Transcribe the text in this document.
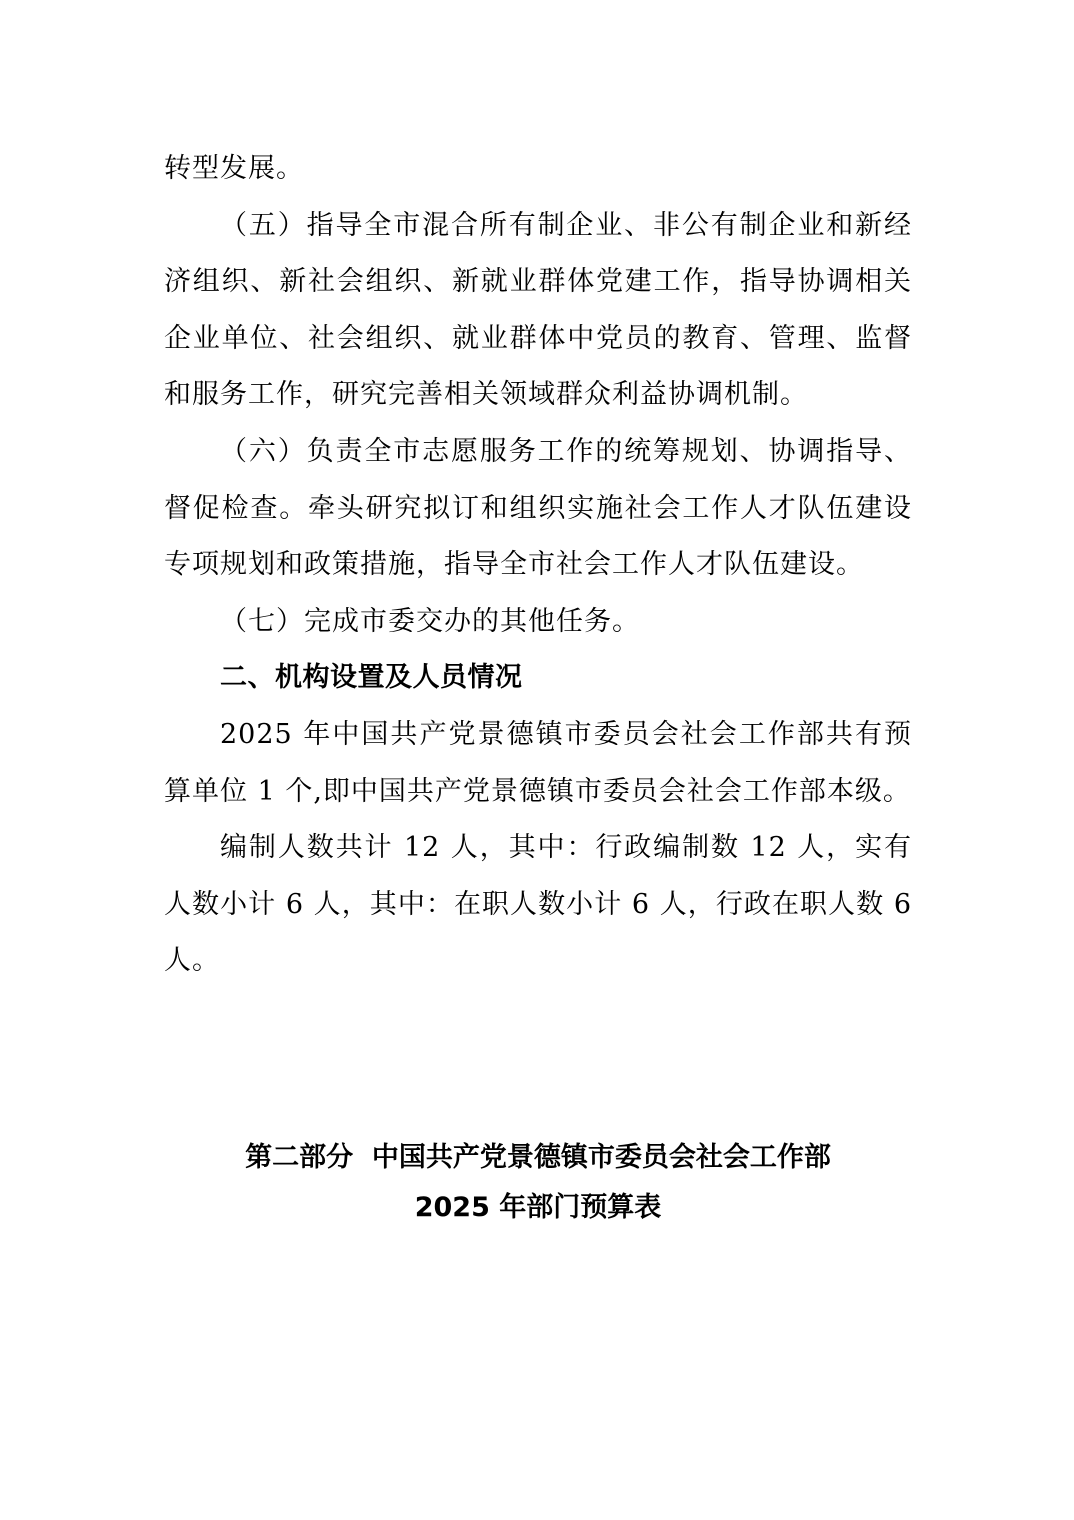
转型发展。

（五）指导全市混合所有制企业、非公有制企业和新经济组织、新社会组织、新就业群体党建工作，指导协调相关企业单位、社会组织、就业群体中党员的教育、管理、监督和服务工作，研究完善相关领域群众利益协调机制。

（六）负责全市志愿服务工作的统筹规划、协调指导、督促检查。牵头研究拟订和组织实施社会工作人才队伍建设专项规划和政策措施，指导全市社会工作人才队伍建设。

（七）完成市委交办的其他任务。

二、机构设置及人员情况

2025 年中国共产党景德镇市委员会社会工作部共有预算单位 1 个,即中国共产党景德镇市委员会社会工作部本级。

编制人数共计 12 人，其中：行政编制数 12 人，实有人数小计 6 人，其中：在职人数小计 6 人，行政在职人数 6 人。

第二部分  中国共产党景德镇市委员会社会工作部
2025 年部门预算表
